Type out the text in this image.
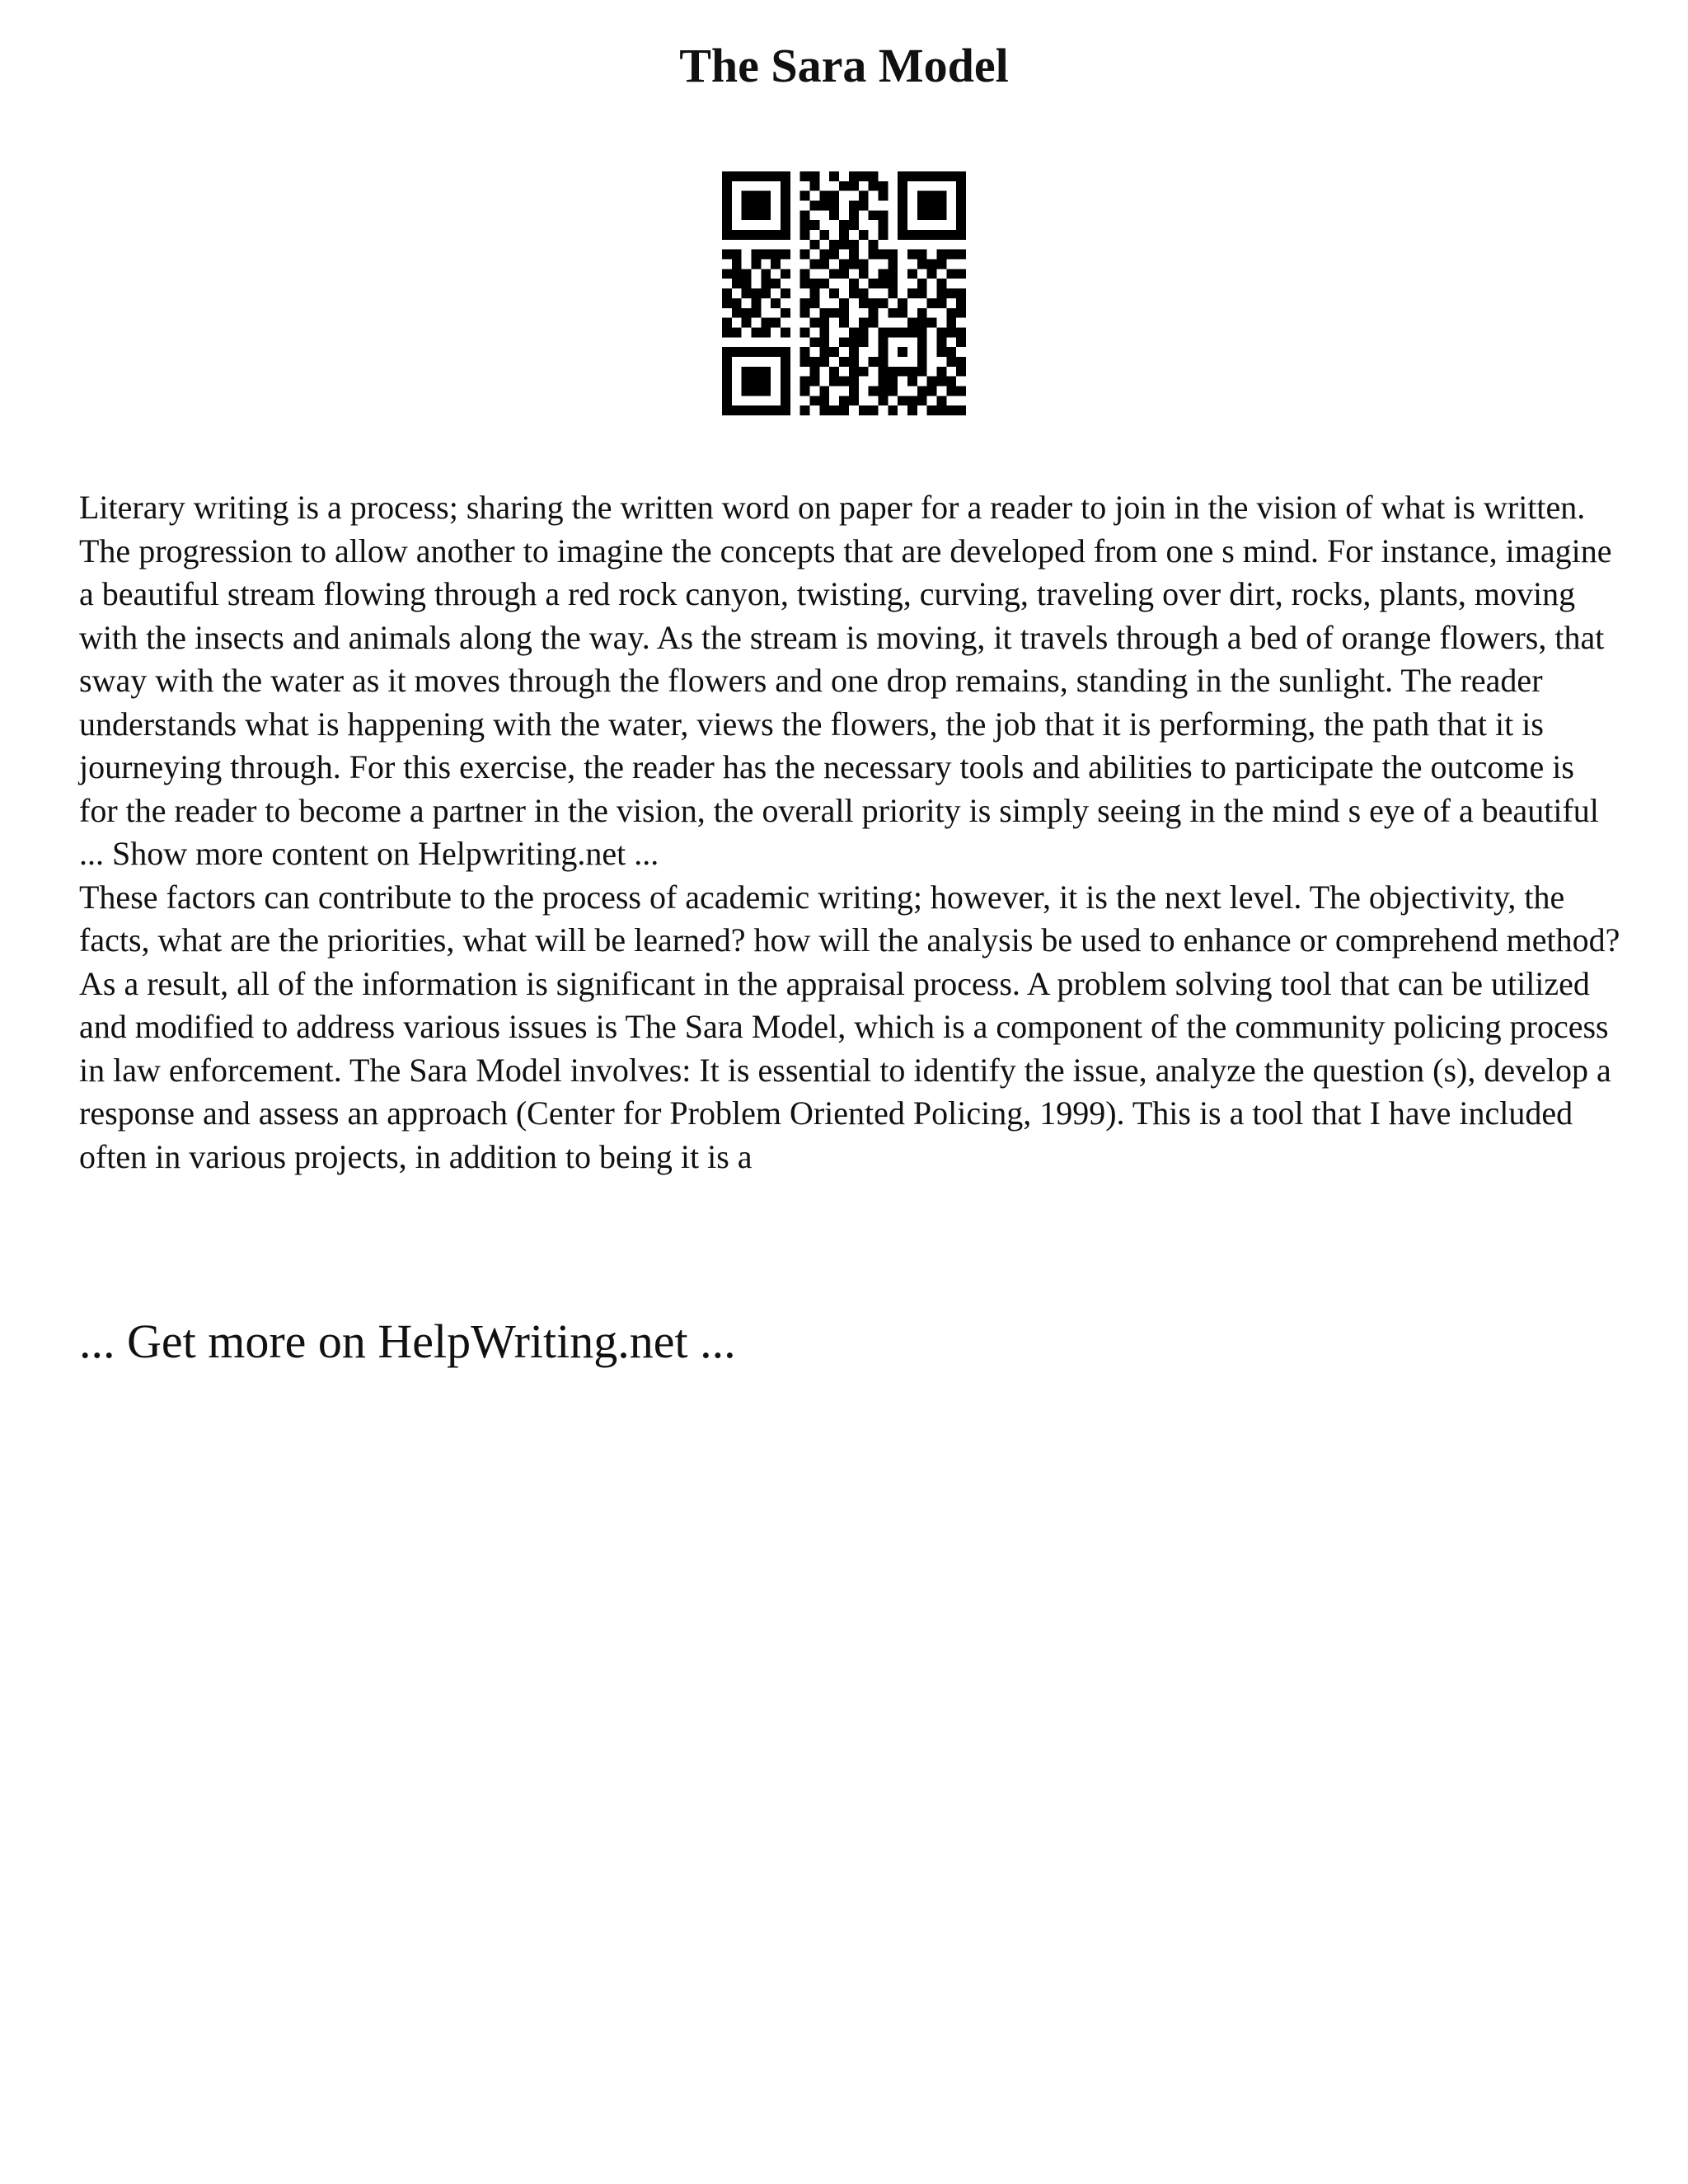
The Sara Model

Literary writing is a process; sharing the written word on paper for a reader to join in the vision of what is written. The progression to allow another to imagine the concepts that are developed from one s mind. For instance, imagine a beautiful stream flowing through a red rock canyon, twisting, curving, traveling over dirt, rocks, plants, moving with the insects and animals along the way. As the stream is moving, it travels through a bed of orange flowers, that sway with the water as it moves through the flowers and one drop remains, standing in the sunlight. The reader understands what is happening with the water, views the flowers, the job that it is performing, the path that it is journeying through. For this exercise, the reader has the necessary tools and abilities to participate the outcome is for the reader to become a partner in the vision, the overall priority is simply seeing in the mind s eye of a beautiful ... Show more content on Helpwriting.net ...

These factors can contribute to the process of academic writing; however, it is the next level. The objectivity, the facts, what are the priorities, what will be learned? how will the analysis be used to enhance or comprehend method? As a result, all of the information is significant in the appraisal process. A problem solving tool that can be utilized and modified to address various issues is The Sara Model, which is a component of the community policing process in law enforcement. The Sara Model involves: It is essential to identify the issue, analyze the question (s), develop a response and assess an approach (Center for Problem Oriented Policing, 1999). This is a tool that I have included often in various projects, in addition to being it is a

... Get more on HelpWriting.net ...
